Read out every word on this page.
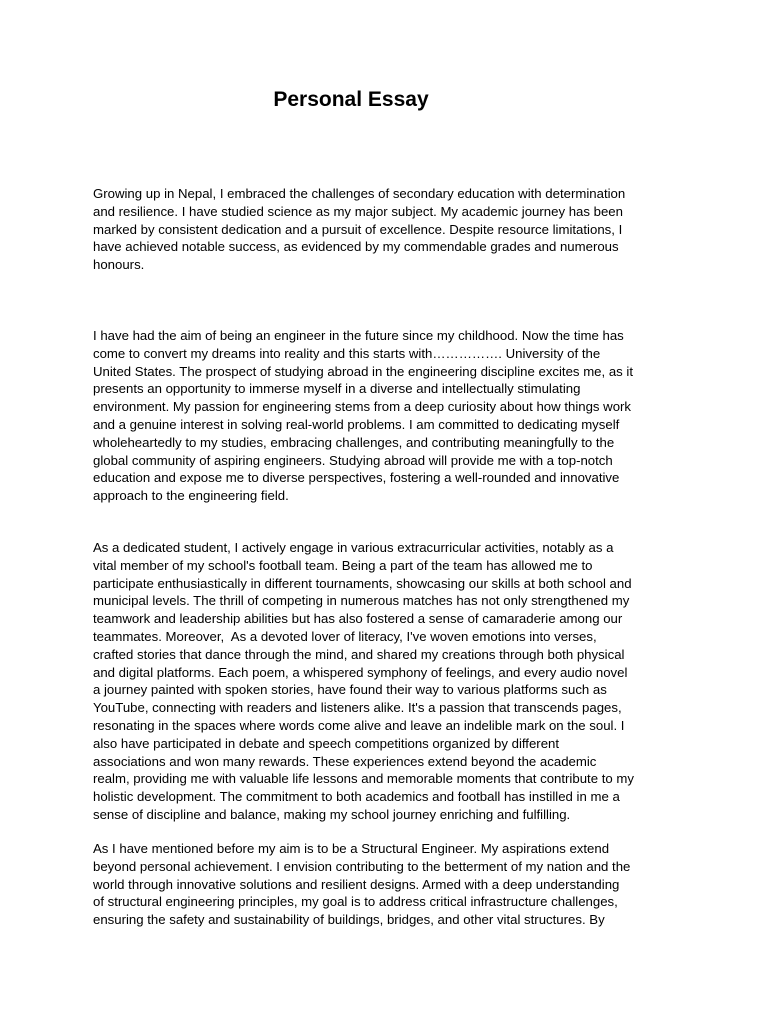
Personal Essay
Growing up in Nepal, I embraced the challenges of secondary education with determination
and resilience. I have studied science as my major subject. My academic journey has been
marked by consistent dedication and a pursuit of excellence. Despite resource limitations, I
have achieved notable success, as evidenced by my commendable grades and numerous
honours.
I have had the aim of being an engineer in the future since my childhood. Now the time has
come to convert my dreams into reality and this starts with……………. University of the
United States. The prospect of studying abroad in the engineering discipline excites me, as it
presents an opportunity to immerse myself in a diverse and intellectually stimulating
environment. My passion for engineering stems from a deep curiosity about how things work
and a genuine interest in solving real-world problems. I am committed to dedicating myself
wholeheartedly to my studies, embracing challenges, and contributing meaningfully to the
global community of aspiring engineers. Studying abroad will provide me with a top-notch
education and expose me to diverse perspectives, fostering a well-rounded and innovative
approach to the engineering field.
As a dedicated student, I actively engage in various extracurricular activities, notably as a
vital member of my school's football team. Being a part of the team has allowed me to
participate enthusiastically in different tournaments, showcasing our skills at both school and
municipal levels. The thrill of competing in numerous matches has not only strengthened my
teamwork and leadership abilities but has also fostered a sense of camaraderie among our
teammates. Moreover,  As a devoted lover of literacy, I've woven emotions into verses,
crafted stories that dance through the mind, and shared my creations through both physical
and digital platforms. Each poem, a whispered symphony of feelings, and every audio novel
a journey painted with spoken stories, have found their way to various platforms such as
YouTube, connecting with readers and listeners alike. It's a passion that transcends pages,
resonating in the spaces where words come alive and leave an indelible mark on the soul. I
also have participated in debate and speech competitions organized by different
associations and won many rewards. These experiences extend beyond the academic
realm, providing me with valuable life lessons and memorable moments that contribute to my
holistic development. The commitment to both academics and football has instilled in me a
sense of discipline and balance, making my school journey enriching and fulfilling.
As I have mentioned before my aim is to be a Structural Engineer. My aspirations extend
beyond personal achievement. I envision contributing to the betterment of my nation and the
world through innovative solutions and resilient designs. Armed with a deep understanding
of structural engineering principles, my goal is to address critical infrastructure challenges,
ensuring the safety and sustainability of buildings, bridges, and other vital structures. By
